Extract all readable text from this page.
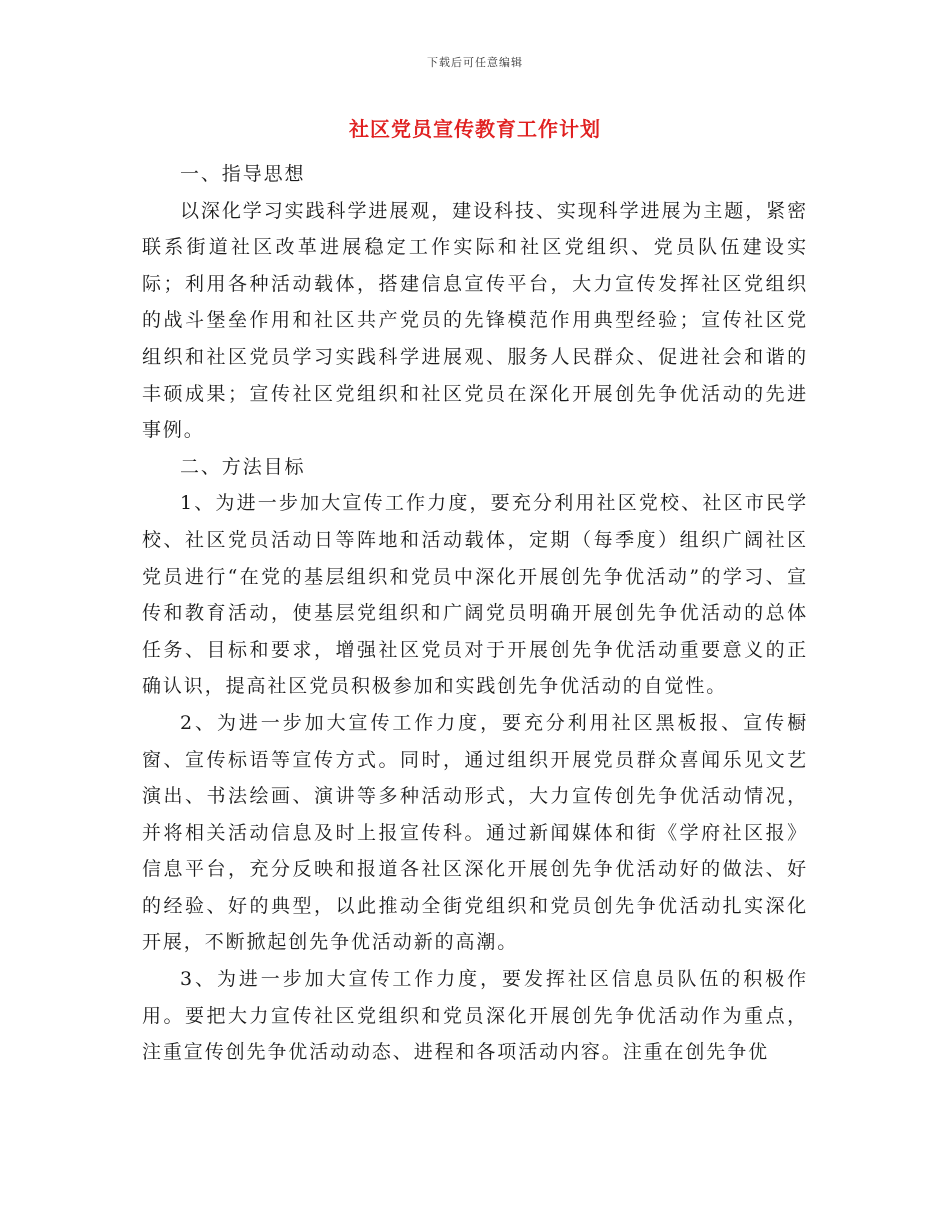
下载后可任意编辑
社区党员宣传教育工作计划

一、指导思想

以深化学习实践科学进展观，建设科技、实现科学进展为主题，紧密联系街道社区改革进展稳定工作实际和社区党组织、党员队伍建设实际；利用各种活动载体，搭建信息宣传平台，大力宣传发挥社区党组织的战斗堡垒作用和社区共产党员的先锋模范作用典型经验；宣传社区党组织和社区党员学习实践科学进展观、服务人民群众、促进社会和谐的丰硕成果；宣传社区党组织和社区党员在深化开展创先争优活动的先进事例。

二、方法目标

1、为进一步加大宣传工作力度，要充分利用社区党校、社区市民学校、社区党员活动日等阵地和活动载体，定期（每季度）组织广阔社区党员进行“在党的基层组织和党员中深化开展创先争优活动”的学习、宣传和教育活动，使基层党组织和广阔党员明确开展创先争优活动的总体任务、目标和要求，增强社区党员对于开展创先争优活动重要意义的正确认识，提高社区党员积极参加和实践创先争优活动的自觉性。

2、为进一步加大宣传工作力度，要充分利用社区黑板报、宣传橱窗、宣传标语等宣传方式。同时，通过组织开展党员群众喜闻乐见文艺演出、书法绘画、演讲等多种活动形式，大力宣传创先争优活动情况，并将相关活动信息及时上报宣传科。通过新闻媒体和街《学府社区报》信息平台，充分反映和报道各社区深化开展创先争优活动好的做法、好的经验、好的典型，以此推动全街党组织和党员创先争优活动扎实深化开展，不断掀起创先争优活动新的高潮。

3、为进一步加大宣传工作力度，要发挥社区信息员队伍的积极作用。要把大力宣传社区党组织和党员深化开展创先争优活动作为重点，注重宣传创先争优活动动态、进程和各项活动内容。注重在创先争优
